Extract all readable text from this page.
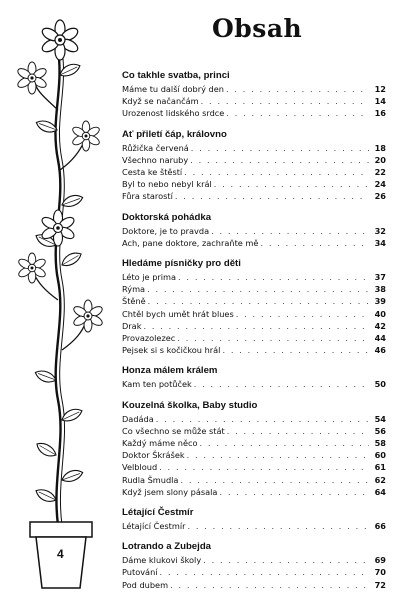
4
Obsah
Co takhle svatba, princi
Máme tu další dobrý den . . .	12
Když se načančám . . .	14
Urozenost lidského srdce . . .	16
Ať přiletí čáp, královno
Růžička červená . . .	18
Všechno naruby . . .	20
Cesta ke štěstí . . .	22
Byl to nebo nebyl král . . .	24
Fůra starostí . . .	26
Doktorská pohádka
Doktore, je to pravda . . .	32
Ach, pane doktore, zachraňte mě . . .	34
Hledáme písničky pro děti
Léto je prima . . .	37
Rýma . . .	38
Štěně . . .	39
Chtěl bych umět hrát blues . . .	40
Drak . . .	42
Provazolezec . . .	44
Pejsek si s kočičkou hrál . . .	46
Honza málem králem
Kam ten potůček . . .	50
Kouzelná školka, Baby studio
Dadáda . . .	54
Co všechno se může stát . . .	56
Každý máme něco . . .	58
Doktor Škrášek . . .	60
Velbloud . . .	61
Rudla Šmudla . . .	62
Když jsem slony pásala . . .	64
Létající Čestmír
Létající Čestmír . . .	66
Lotrando a Zubejda
Dáme klukovi školy . . .	69
Putování . . .	70
Pod dubem . . .	72
